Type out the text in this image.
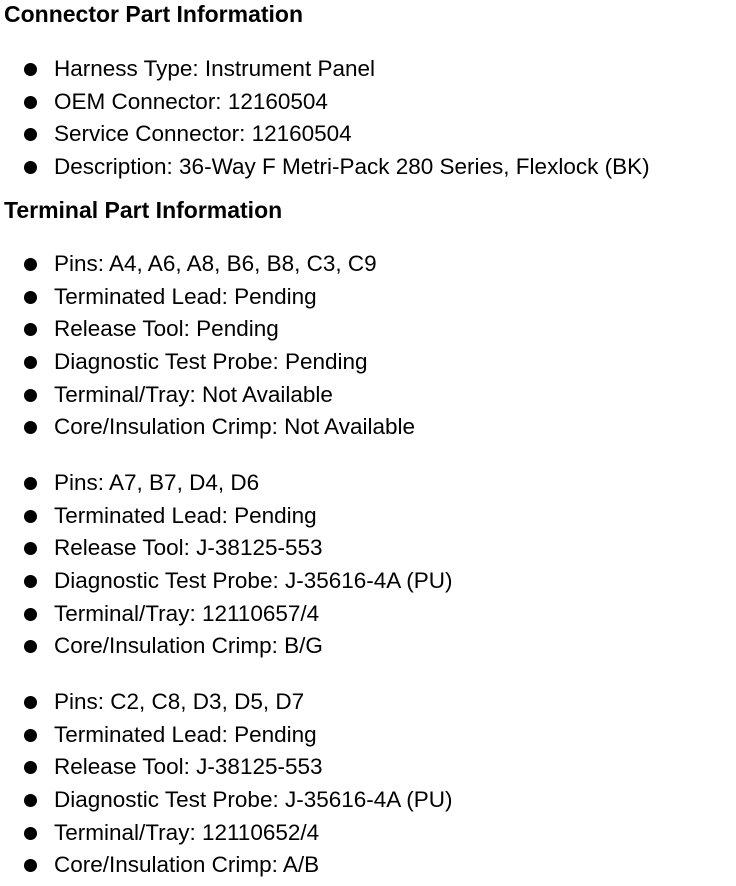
Connector Part Information
Harness Type: Instrument Panel
OEM Connector: 12160504
Service Connector: 12160504
Description: 36-Way F Metri-Pack 280 Series, Flexlock (BK)
Terminal Part Information
Pins: A4, A6, A8, B6, B8, C3, C9
Terminated Lead: Pending
Release Tool: Pending
Diagnostic Test Probe: Pending
Terminal/Tray: Not Available
Core/Insulation Crimp: Not Available
Pins: A7, B7, D4, D6
Terminated Lead: Pending
Release Tool: J-38125-553
Diagnostic Test Probe: J-35616-4A (PU)
Terminal/Tray: 12110657/4
Core/Insulation Crimp: B/G
Pins: C2, C8, D3, D5, D7
Terminated Lead: Pending
Release Tool: J-38125-553
Diagnostic Test Probe: J-35616-4A (PU)
Terminal/Tray: 12110652/4
Core/Insulation Crimp: A/B
